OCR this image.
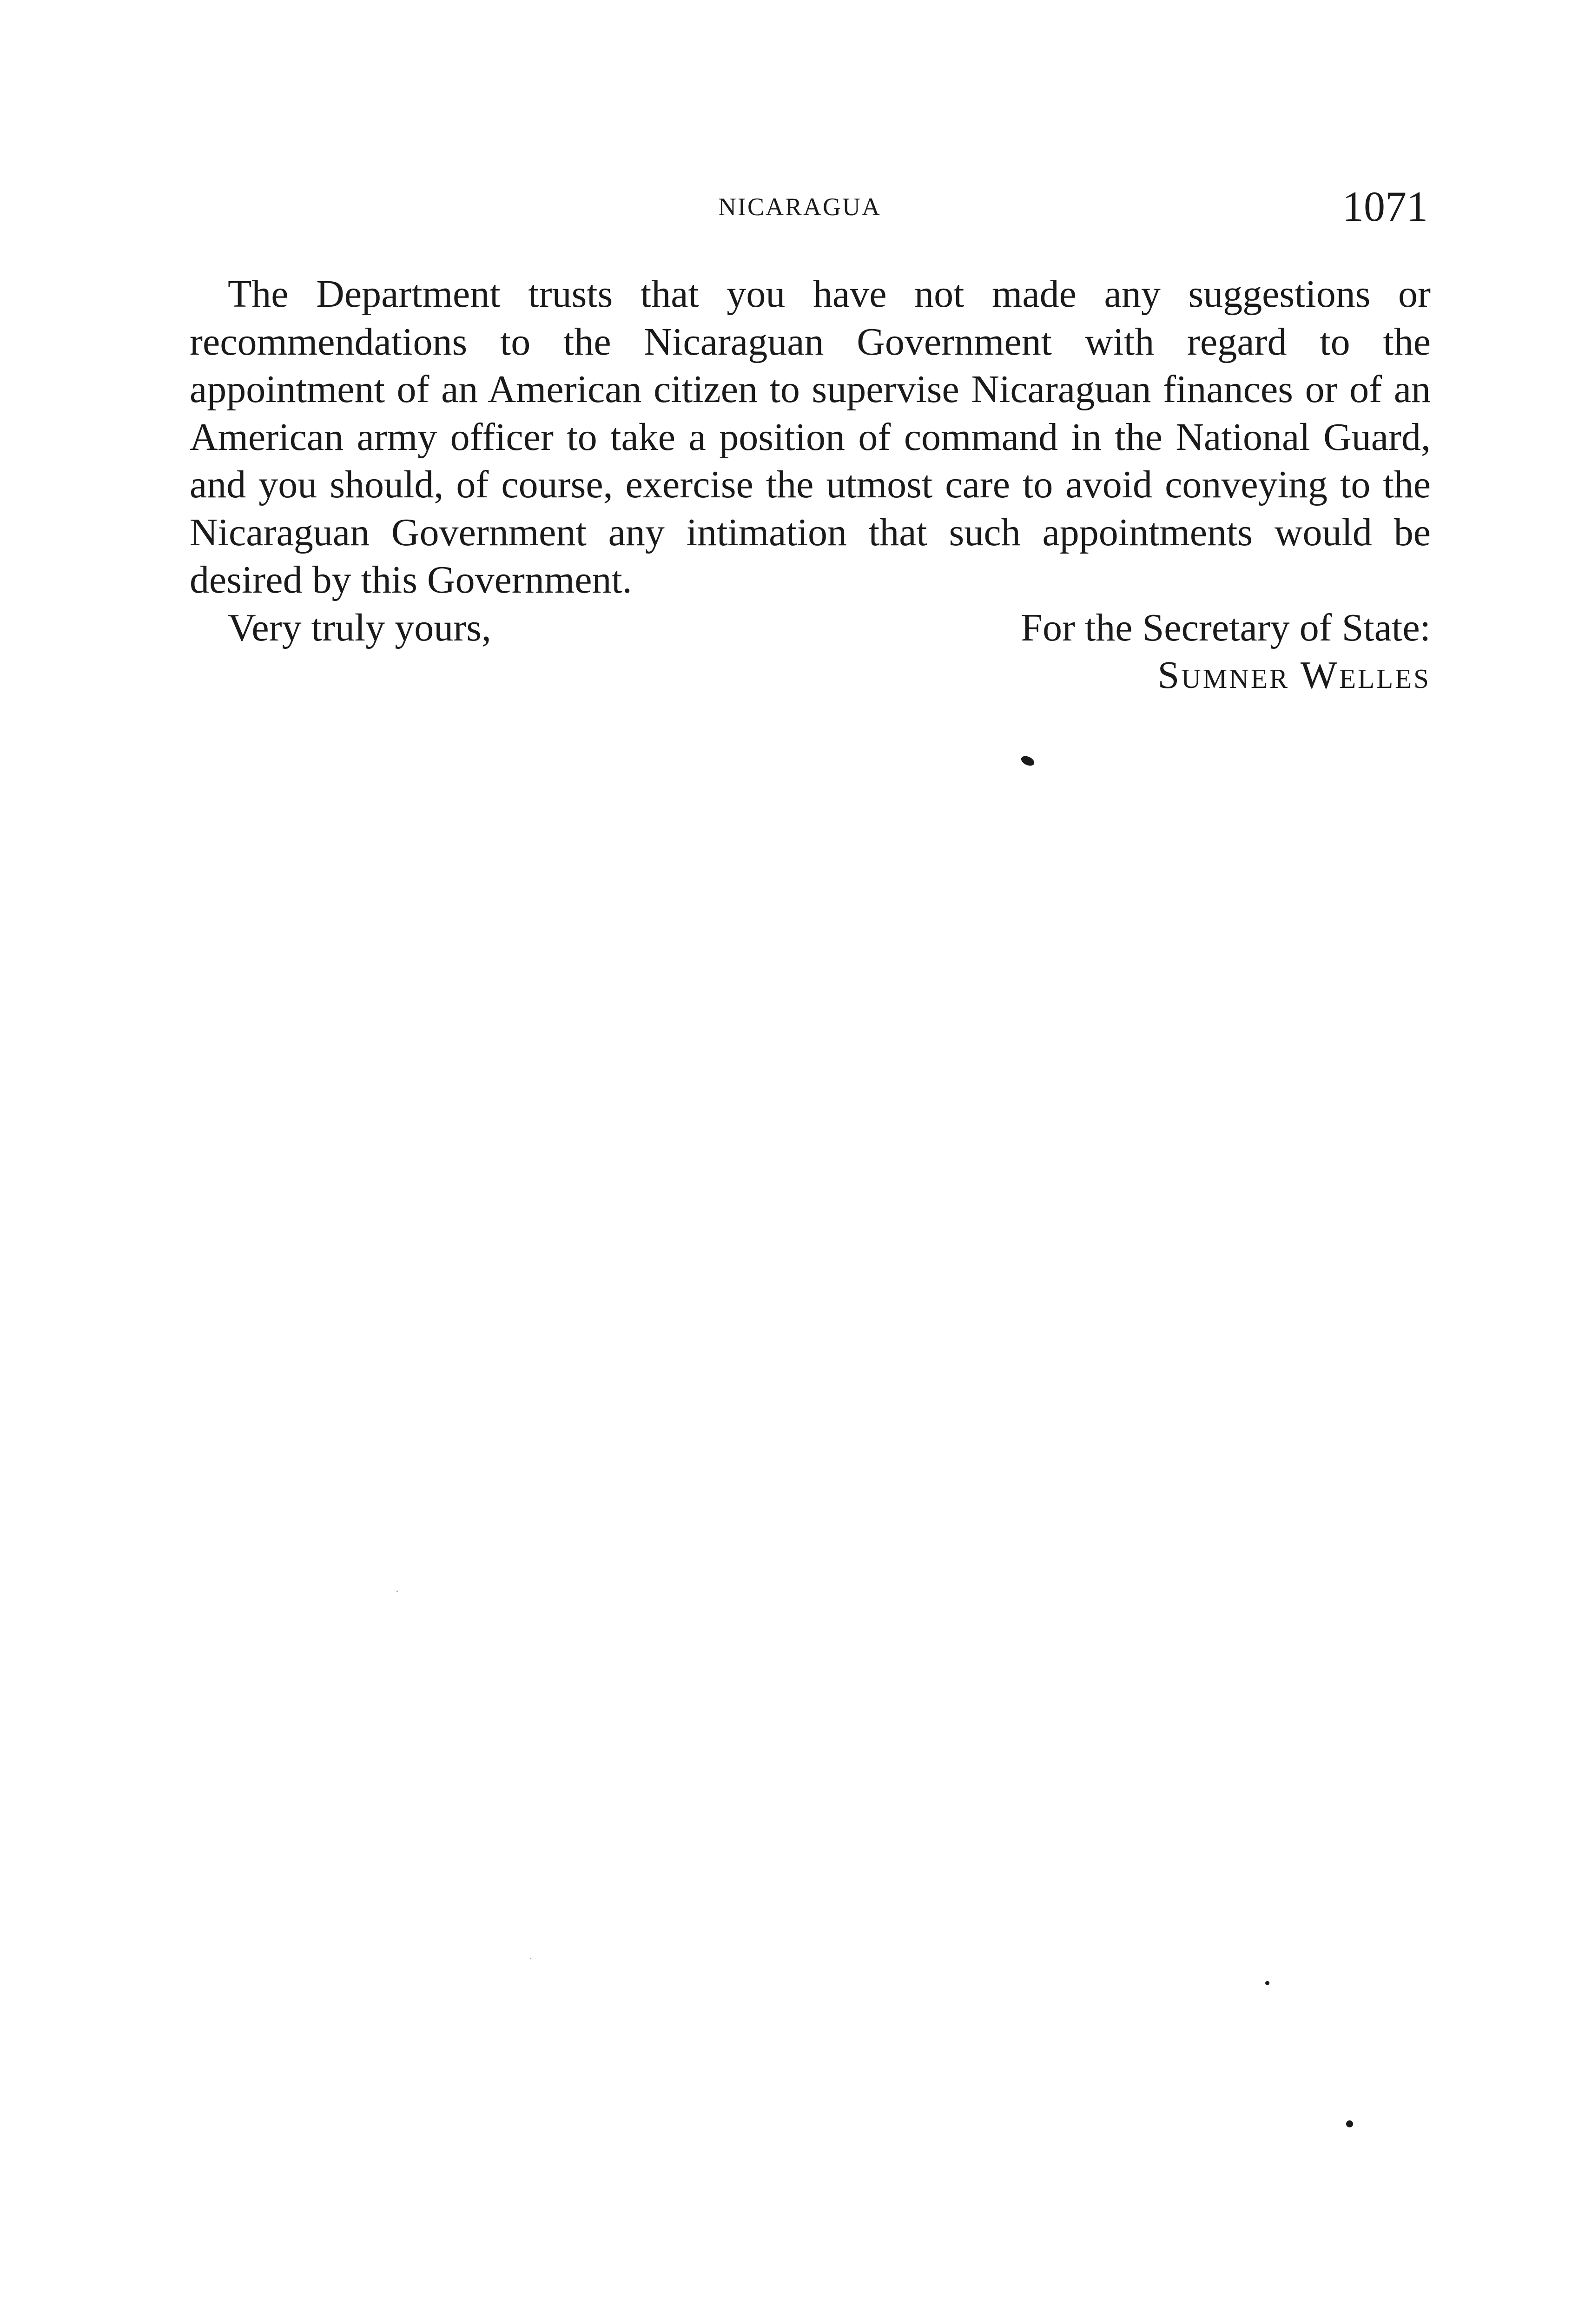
NICARAGUA	1071

The Department trusts that you have not made any suggestions or recommendations to the Nicaraguan Government with regard to the appointment of an American citizen to supervise Nicaraguan finances or of an American army officer to take a position of command in the National Guard, and you should, of course, exercise the utmost care to avoid conveying to the Nicaraguan Government any intimation that such appointments would be desired by this Government.

Very truly yours,	For the Secretary of State:
Sumner Welles
